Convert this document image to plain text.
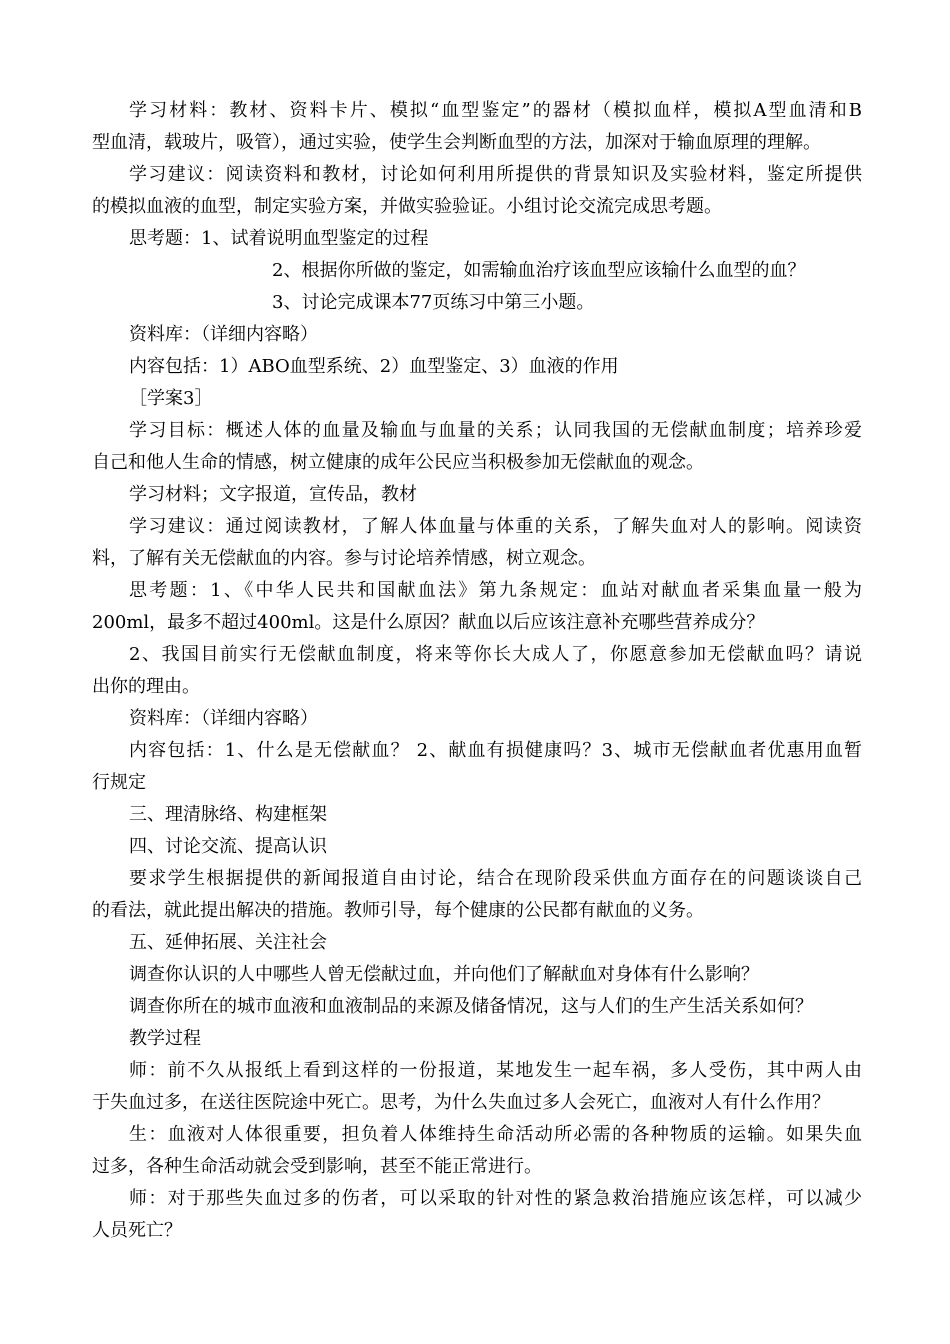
学习材料：教材、资料卡片、模拟“血型鉴定”的器材（模拟血样，模拟A型血清和B
型血清，载玻片，吸管），通过实验，使学生会判断血型的方法，加深对于输血原理的理解。
学习建议：阅读资料和教材，讨论如何利用所提供的背景知识及实验材料，鉴定所提供
的模拟血液的血型，制定实验方案，并做实验验证。小组讨论交流完成思考题。
思考题：1、试着说明血型鉴定的过程
2、根据你所做的鉴定，如需输血治疗该血型应该输什么血型的血？
3、讨论完成课本77页练习中第三小题。
资料库：（详细内容略）
内容包括：1）ABO血型系统、2）血型鉴定、3）血液的作用
［学案3］
学习目标：概述人体的血量及输血与血量的关系；认同我国的无偿献血制度；培养珍爱
自己和他人生命的情感，树立健康的成年公民应当积极参加无偿献血的观念。
学习材料；文字报道，宣传品，教材
学习建议：通过阅读教材，了解人体血量与体重的关系，了解失血对人的影响。阅读资
料，了解有关无偿献血的内容。参与讨论培养情感，树立观念。
思考题：1、《中华人民共和国献血法》第九条规定：血站对献血者采集血量一般为
200ml，最多不超过400ml。这是什么原因？献血以后应该注意补充哪些营养成分？
2、我国目前实行无偿献血制度，将来等你长大成人了，你愿意参加无偿献血吗？请说
出你的理由。
资料库：（详细内容略）
内容包括：1、什么是无偿献血？ 2、献血有损健康吗？3、城市无偿献血者优惠用血暂
行规定
三、理清脉络、构建框架
四、讨论交流、提高认识
要求学生根据提供的新闻报道自由讨论，结合在现阶段采供血方面存在的问题谈谈自己
的看法，就此提出解决的措施。教师引导，每个健康的公民都有献血的义务。
五、延伸拓展、关注社会
调查你认识的人中哪些人曾无偿献过血，并向他们了解献血对身体有什么影响？
调查你所在的城市血液和血液制品的来源及储备情况，这与人们的生产生活关系如何？
教学过程
师：前不久从报纸上看到这样的一份报道，某地发生一起车祸，多人受伤，其中两人由
于失血过多，在送往医院途中死亡。思考，为什么失血过多人会死亡，血液对人有什么作用？
生：血液对人体很重要，担负着人体维持生命活动所必需的各种物质的运输。如果失血
过多，各种生命活动就会受到影响，甚至不能正常进行。
师：对于那些失血过多的伤者，可以采取的针对性的紧急救治措施应该怎样，可以减少
人员死亡？
